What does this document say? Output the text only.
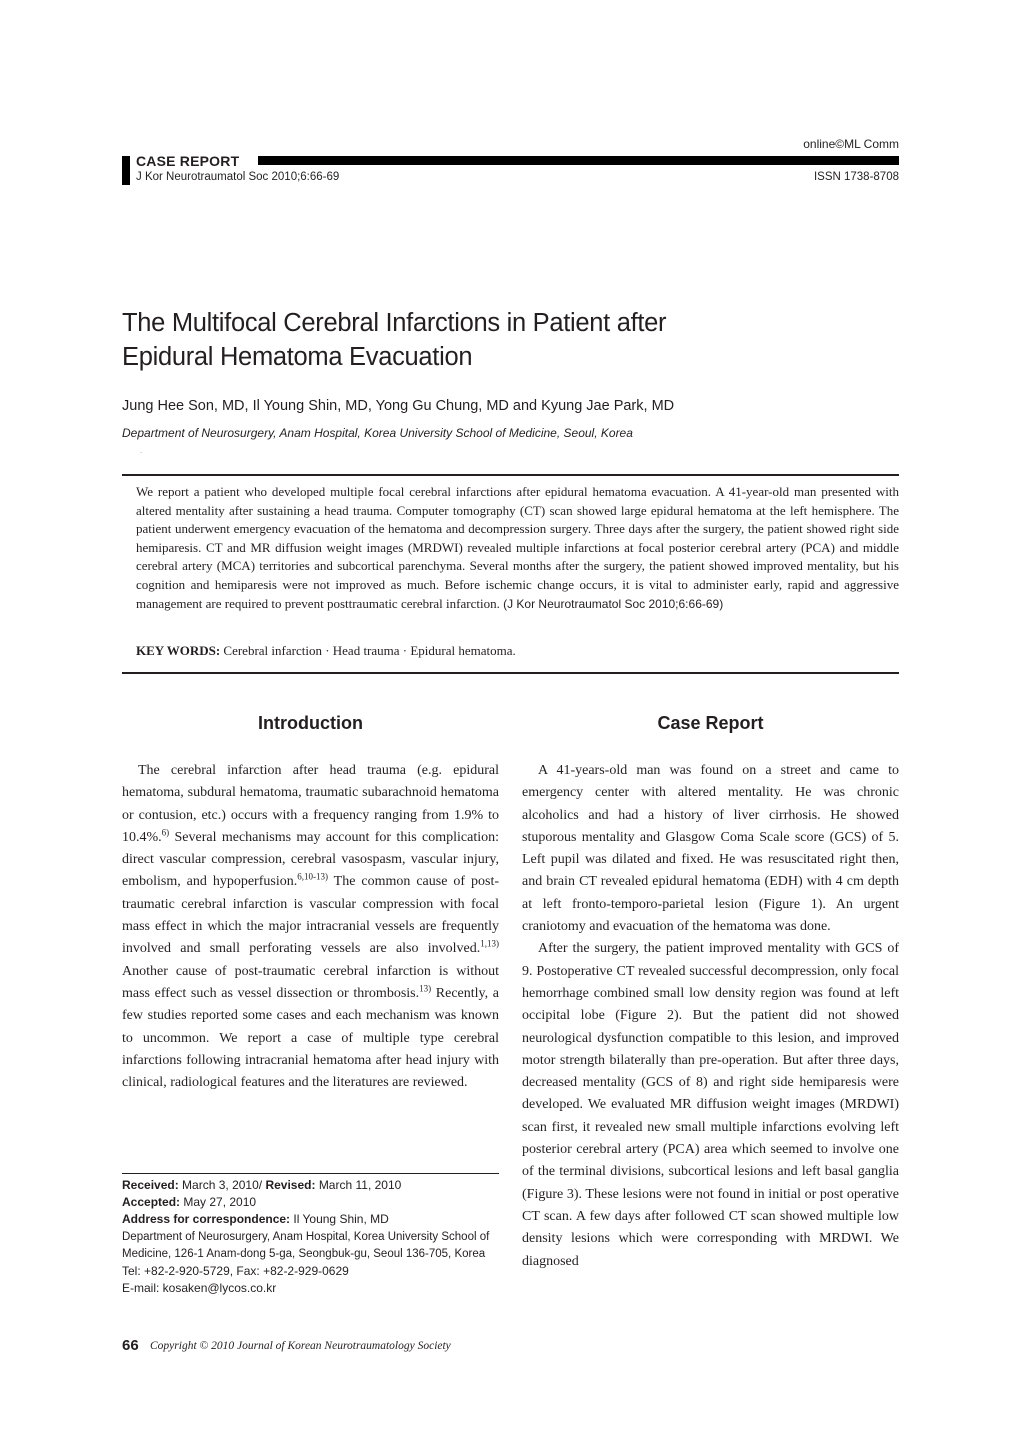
online©ML Comm
CASE REPORT
J Kor Neurotraumatol Soc 2010;6:66-69	ISSN 1738-8708
The Multifocal Cerebral Infarctions in Patient after Epidural Hematoma Evacuation
Jung Hee Son, MD, Il Young Shin, MD, Yong Gu Chung, MD and Kyung Jae Park, MD
Department of Neurosurgery, Anam Hospital, Korea University School of Medicine, Seoul, Korea
.
We report a patient who developed multiple focal cerebral infarctions after epidural hematoma evacuation. A 41-year-old man presented with altered mentality after sustaining a head trauma. Computer tomography (CT) scan showed large epidural hematoma at the left hemisphere. The patient underwent emergency evacuation of the hematoma and decompression surgery. Three days after the surgery, the patient showed right side hemiparesis. CT and MR diffusion weight images (MRDWI) revealed multiple infarctions at focal posterior cerebral artery (PCA) and middle cerebral artery (MCA) territories and subcortical parenchyma. Several months after the surgery, the patient showed improved mentality, but his cognition and hemiparesis were not improved as much. Before ischemic change occurs, it is vital to administer early, rapid and aggressive management are required to prevent posttraumatic cerebral infarction. (J Kor Neurotraumatol Soc 2010;6:66-69)
KEY WORDS: Cerebral infarction · Head trauma · Epidural hematoma.
Introduction

The cerebral infarction after head trauma (e.g. epidural hematoma, subdural hematoma, traumatic subarachnoid hematoma or contusion, etc.) occurs with a frequency ranging from 1.9% to 10.4%.$^{6)}$ Several mechanisms may account for this complication: direct vascular compression, cerebral vasospasm, vascular injury, embolism, and hypoperfusion.$^{6,10-13)}$ The common cause of post-traumatic cerebral infarction is vascular compression with focal mass effect in which the major intracranial vessels are frequently involved and small perforating vessels are also involved.$^{1,13)}$ Another cause of post-traumatic cerebral infarction is without mass effect such as vessel dissection or thrombosis.$^{13)}$ Recently, a few studies reported some cases and each mechanism was known to uncommon. We report a case of multiple type cerebral infarctions following intracranial hematoma after head injury with clinical, radiological features and the literatures are reviewed.

Case Report

A 41-years-old man was found on a street and came to emergency center with altered mentality. He was chronic alcoholics and had a history of liver cirrhosis. He showed stuporous mentality and Glasgow Coma Scale score (GCS) of 5. Left pupil was dilated and fixed. He was resuscitated right then, and brain CT revealed epidural hematoma (EDH) with 4 cm depth at left fronto-temporo-parietal lesion (Figure 1). An urgent craniotomy and evacuation of the hematoma was done.

After the surgery, the patient improved mentality with GCS of 9. Postoperative CT revealed successful decompression, only focal hemorrhage combined small low density region was found at left occipital lobe (Figure 2). But the patient did not showed neurological dysfunction compatible to this lesion, and improved motor strength bilaterally than pre-operation. But after three days, decreased mentality (GCS of 8) and right side hemiparesis were developed. We evaluated MR diffusion weight images (MRDWI) scan first, it revealed new small multiple infarctions evolving left posterior cerebral artery (PCA) area which seemed to involve one of the terminal divisions, subcortical lesions and left basal ganglia (Figure 3). These lesions were not found in initial or post operative CT scan. A few days after followed CT scan showed multiple low density lesions which were corresponding with MRDWI. We diagnosed

Received: March 3, 2010/ Revised: March 11, 2010
Accepted: May 27, 2010
Address for correspondence: Il Young Shin, MD
Department of Neurosurgery, Anam Hospital, Korea University School of Medicine, 126-1 Anam-dong 5-ga, Seongbuk-gu, Seoul 136-705, Korea
Tel: +82-2-920-5729, Fax: +82-2-929-0629
E-mail: kosaken@lycos.co.kr
66 Copyright © 2010 Journal of Korean Neurotraumatology Society
